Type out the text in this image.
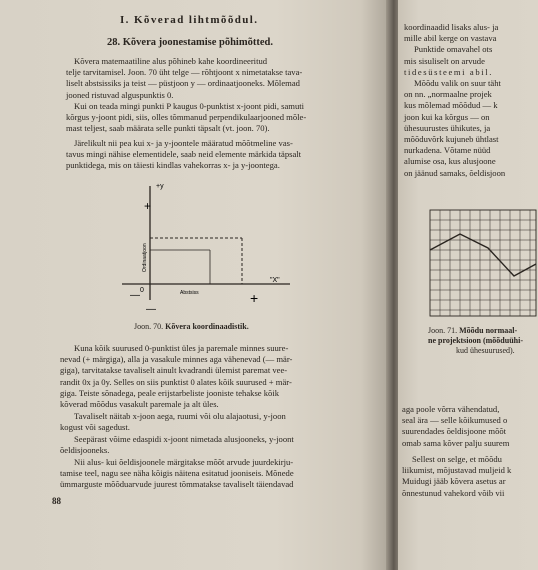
I. Kõverad lihtmõõdul.
28. Kõvera joonestamise põhimõtted.
Kõvera matemaatiline alus põhineb kahe koordineeritud
telje tarvitamisel. Joon. 70 üht telge — rõhtjoont x nimetatakse tava-
liselt abstsissiks ja teist — püstjoon y — ordinaatjooneks. Mõlemad
jooned ristuvad alguspunktis 0.
Kui on teada mingi punkti P kaugus 0-punktist x-joont pidi, samuti
kõrgus y-joont pidi, siis, olles tõmmanud perpendikulaarjooned mõle-
mast teljest, saab määrata selle punkti täpsalt (vt. joon. 70).
Järelikult nii pea kui x- ja y-joontele määratud mõõtmeline vas-
tavus mingi nähise elementidele, saab neid elemente märkida täpsalt
punktidega, mis on täiesti kindlas vahekorras x- ja y-joontega.
+y
+
—
—
+
"X"
0	Abstsiss
Ordinaatjoon
Joon. 70. Kõvera koordinaadistik.
Kuna kõik suurused 0-punktist üles ja paremale minnes suure-
nevad (+ märgiga), alla ja vasakule minnes aga vähenevad (— mär-
giga), tarvitatakse tavaliselt ainult kvadrandi ülemist paremat vee-
randit 0x ja 0y. Selles on siis punktist 0 alates kõik suurused + mär-
giga. Teiste sõnadega, peale erijstarbeliste jooniste tehakse kõik
kõverad mõõdus vasakult paremale ja alt üles.
Tavaliselt näitab x-joon aega, ruumi või olu alajaotusi, y-joon
kogust või sagedust.
Seepärast võime edaspidi x-joont nimetada alusjooneks, y-joont
õeldisjooneks.
Nii alus- kui õeldisjoonele märgitakse mõõt arvude juurdekirju-
tamise teel, nagu see näha kõigis näitena esitatud jooniseis. Mõnede
ümmarguste mõõduarvude juurest tõmmatakse tavaliselt täiendavad
88
koordinaadid lisaks alus- ja
mille abil kerge on vastava
Punktide omavahel ots
mis sisuliselt on arvude
tidesüsteemi abil.
Mõõdu valik on suur täht
on nn. „normaalne projek
kus mõlemad mõõdud — k
joon kui ka kõrgus — on
ühesuurustes ühikutes, ja
mõõduvõrk kujuneb ühtlast
nurkadena. Võtame nüüd
alumise osa, kus alusjoone
on jäänud samaks, õeldisjoon
Joon. 71. Mõõdu normaal-
ne projektsioon (mõõduühi-
kud ühesuurused).
aga poole võrra vähendatud,
seal ära — selle kõikumused o
suurendades õeldisjoone mõõt
omab sama kõver palju suurem
Sellest on selge, et mõõdu
liikumist, mõjustavad muljeid k
Muidugi jääb kõvera asetus ar
õnnestunud vahekord võib vii
